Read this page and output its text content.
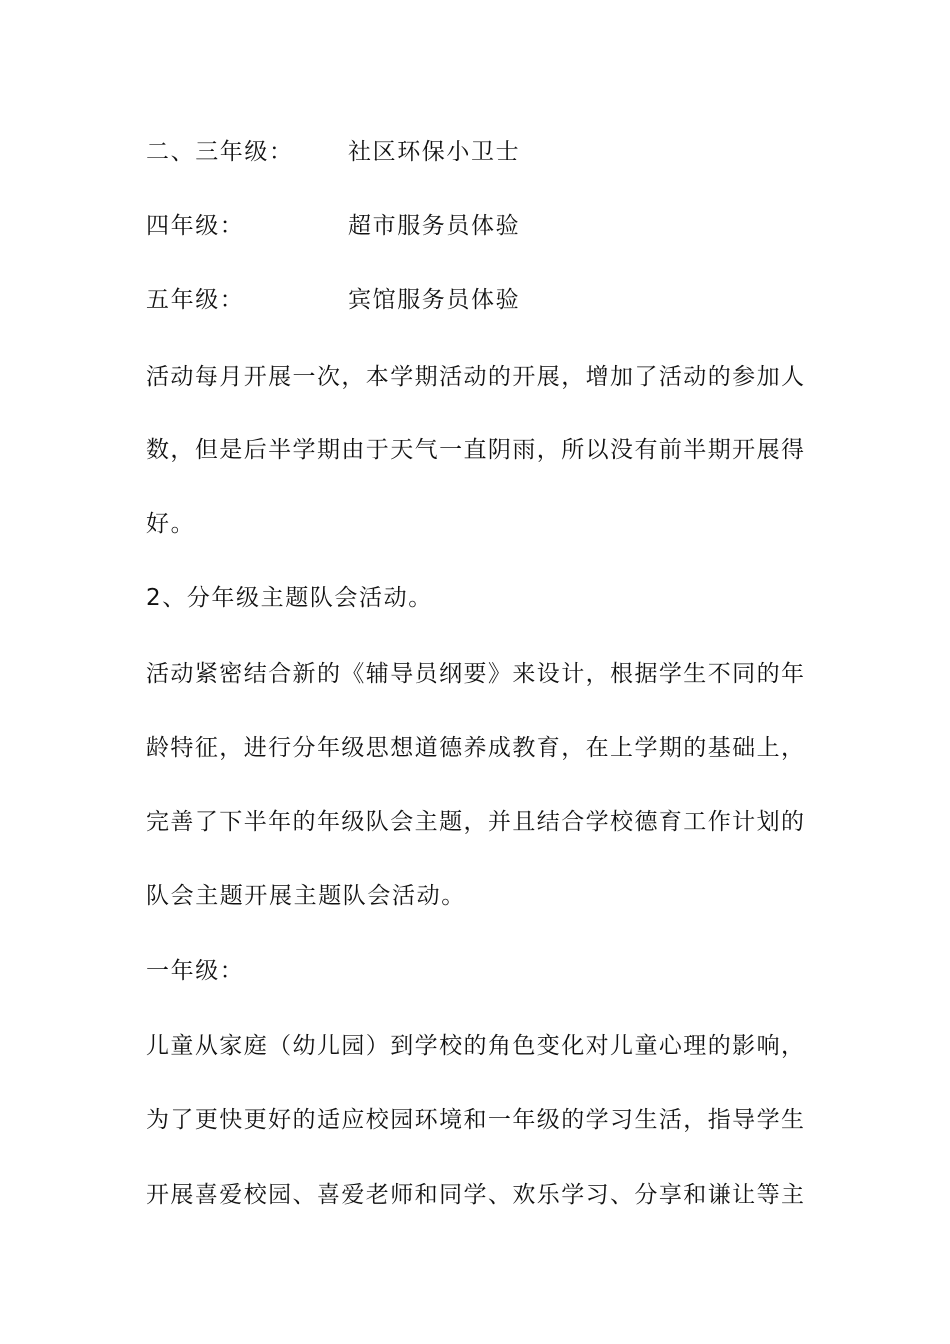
二、三年级： 社区环保小卫士
四年级：	超市服务员体验
五年级：	宾馆服务员体验
活动每月开展一次，本学期活动的开展，增加了活动的参加人
数，但是后半学期由于天气一直阴雨，所以没有前半期开展得
好。
2、分年级主题队会活动。
活动紧密结合新的《辅导员纲要》来设计，根据学生不同的年
龄特征，进行分年级思想道德养成教育，在上学期的基础上，
完善了下半年的年级队会主题，并且结合学校德育工作计划的
队会主题开展主题队会活动。
一年级：
儿童从家庭（幼儿园）到学校的角色变化对儿童心理的影响，
为了更快更好的适应校园环境和一年级的学习生活，指导学生
开展喜爱校园、喜爱老师和同学、欢乐学习、分享和谦让等主
